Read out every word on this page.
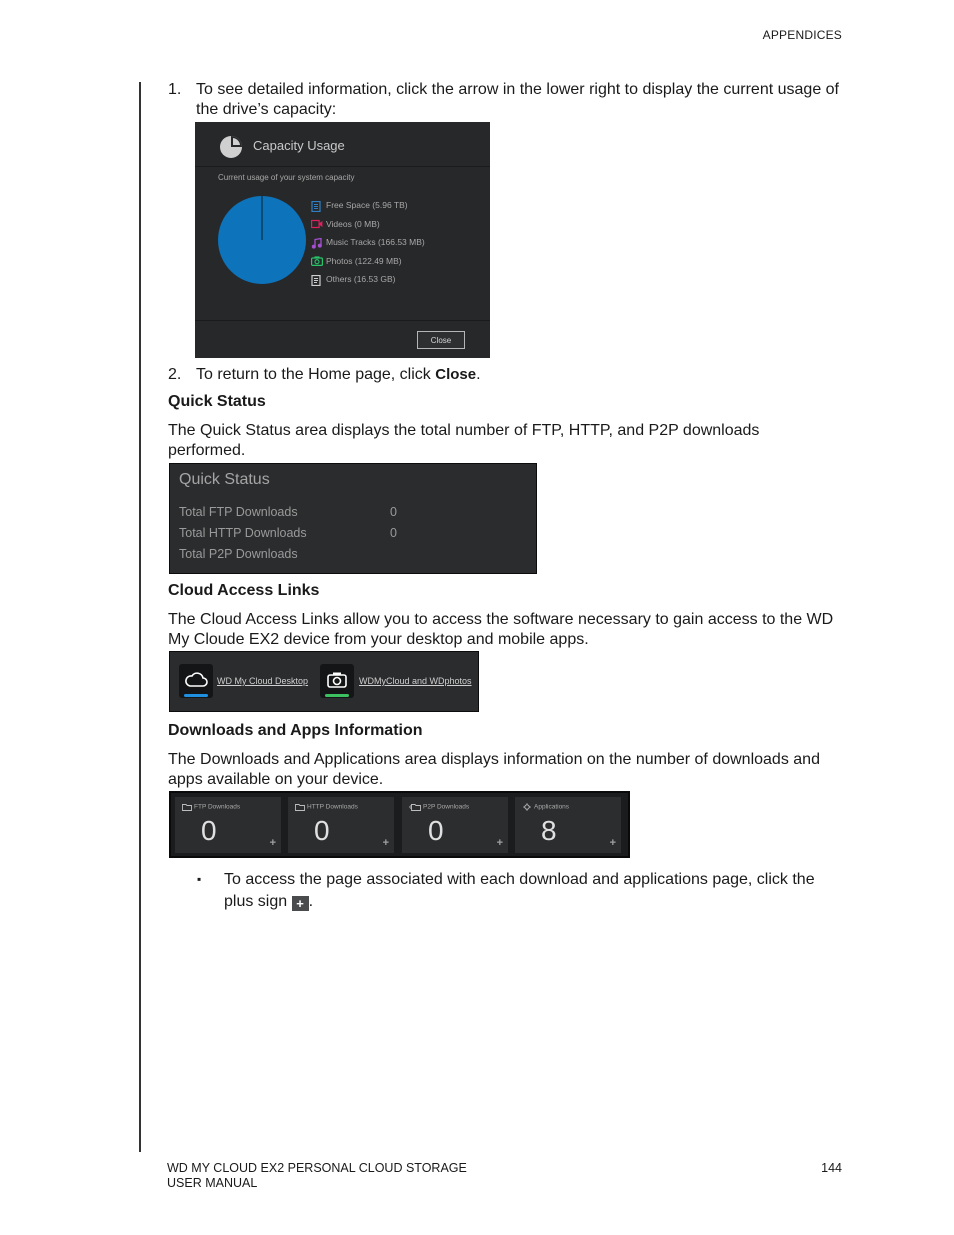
APPENDICES
1. To see detailed information, click the arrow in the lower right to display the current usage of the drive’s capacity:
Capacity Usage
Current usage of your system capacity
Free Space (5.96 TB)
Videos (0 MB)
Music Tracks (166.53 MB)
Photos (122.49 MB)
Others (16.53 GB)
Close
2. To return to the Home page, click Close.
Quick Status
The Quick Status area displays the total number of FTP, HTTP, and P2P downloads performed.
Quick Status
Total FTP Downloads	0
Total HTTP Downloads	0
Total P2P Downloads
Cloud Access Links
The Cloud Access Links allow you to access the software necessary to gain access to the WD My Cloude EX2 device from your desktop and mobile apps.
WD My Cloud Desktop	WDMyCloud and WDphotos
Downloads and Apps Information
The Downloads and Applications area displays information on the number of downloads and apps available on your device.
FTP Downloads
0	+
HTTP Downloads
0	+
P2P Downloads
0	+
Applications
8	+
▪ To access the page associated with each download and applications page, click the plus sign + .
WD MY CLOUD EX2 PERSONAL CLOUD STORAGE
USER MANUAL
144
